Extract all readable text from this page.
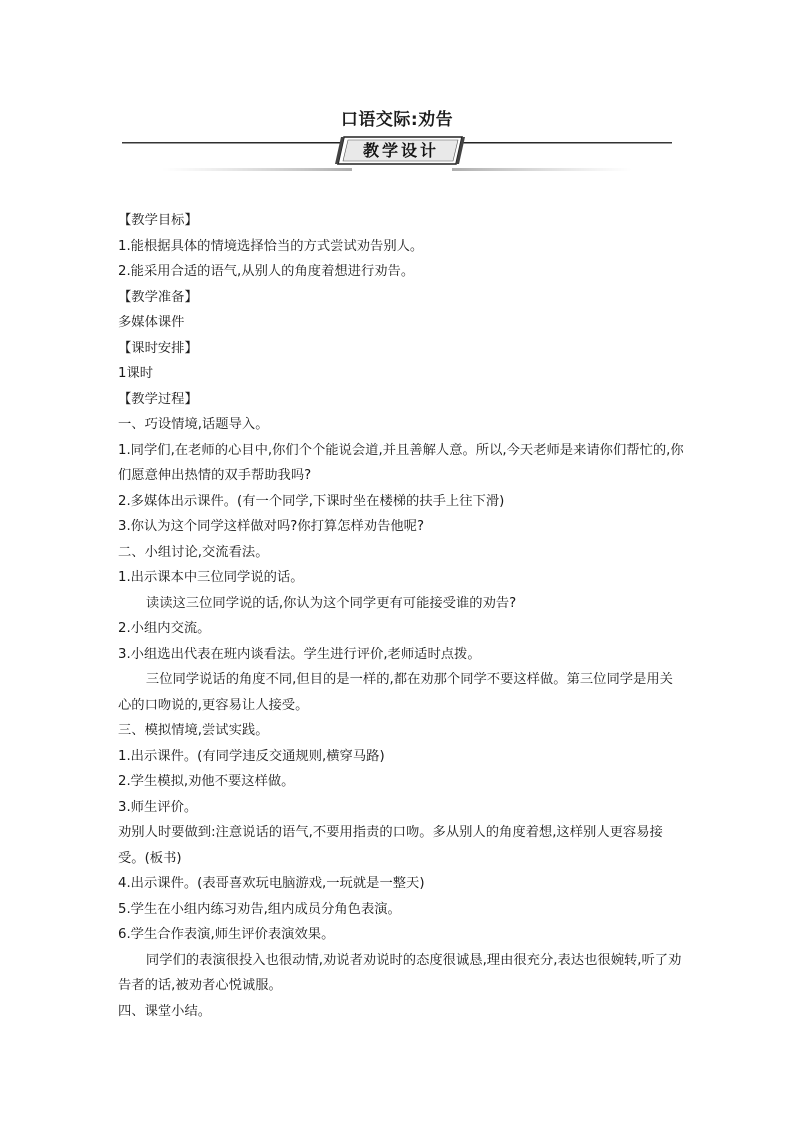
口语交际:劝告
教学设计
【教学目标】
1.能根据具体的情境选择恰当的方式尝试劝告别人。
2.能采用合适的语气,从别人的角度着想进行劝告。
【教学准备】
多媒体课件
【课时安排】
1课时
【教学过程】
一、巧设情境,话题导入。
1.同学们,在老师的心目中,你们个个能说会道,并且善解人意。所以,今天老师是来请你们帮忙的,你们愿意伸出热情的双手帮助我吗?
2.多媒体出示课件。(有一个同学,下课时坐在楼梯的扶手上往下滑)
3.你认为这个同学这样做对吗?你打算怎样劝告他呢?
二、小组讨论,交流看法。
1.出示课本中三位同学说的话。
读读这三位同学说的话,你认为这个同学更有可能接受谁的劝告?
2.小组内交流。
3.小组选出代表在班内谈看法。学生进行评价,老师适时点拨。
三位同学说话的角度不同,但目的是一样的,都在劝那个同学不要这样做。第三位同学是用关心的口吻说的,更容易让人接受。
三、模拟情境,尝试实践。
1.出示课件。(有同学违反交通规则,横穿马路)
2.学生模拟,劝他不要这样做。
3.师生评价。
劝别人时要做到:注意说话的语气,不要用指责的口吻。多从别人的角度着想,这样别人更容易接受。(板书)
4.出示课件。(表哥喜欢玩电脑游戏,一玩就是一整天)
5.学生在小组内练习劝告,组内成员分角色表演。
6.学生合作表演,师生评价表演效果。
同学们的表演很投入也很动情,劝说者劝说时的态度很诚恳,理由很充分,表达也很婉转,听了劝告者的话,被劝者心悦诚服。
四、课堂小结。
